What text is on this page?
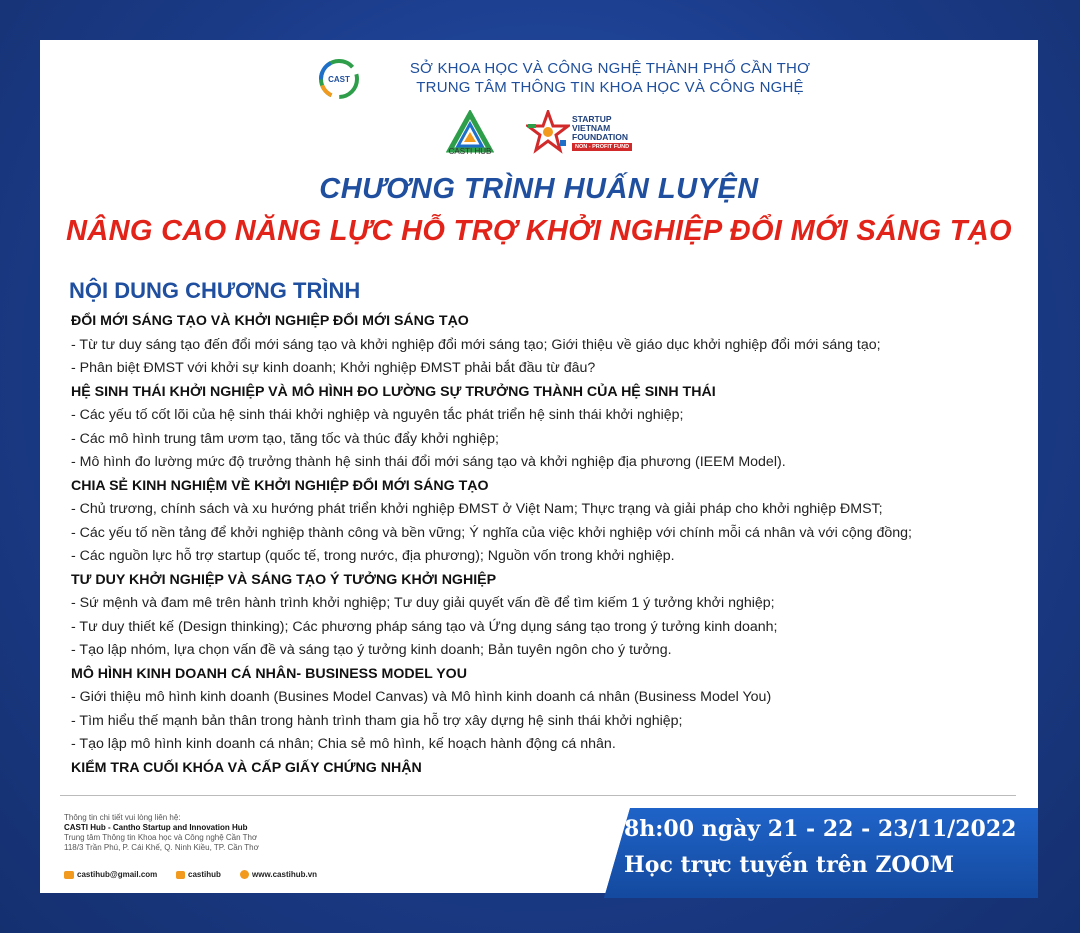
CAST
SỞ KHOA HỌC VÀ CÔNG NGHỆ THÀNH PHỐ CẦN THƠ
TRUNG TÂM THÔNG TIN KHOA HỌC VÀ CÔNG NGHỆ
CASTI HUB
STARTUP
VIETNAM
FOUNDATION
NON - PROFIT FUND
CHƯƠNG TRÌNH HUẤN LUYỆN
NÂNG CAO NĂNG LỰC HỖ TRỢ KHỞI NGHIỆP ĐỔI MỚI SÁNG TẠO
NỘI DUNG CHƯƠNG TRÌNH
ĐỔI MỚI SÁNG TẠO VÀ KHỞI NGHIỆP ĐỔI MỚI SÁNG TẠO
- Từ tư duy sáng tạo đến đổi mới sáng tạo và khởi nghiệp đổi mới sáng tạo; Giới thiệu về giáo dục khởi nghiệp đổi mới sáng tạo;
- Phân biệt ĐMST với khởi sự kinh doanh; Khởi nghiệp ĐMST phải bắt đầu từ đâu?
HỆ SINH THÁI KHỞI NGHIỆP VÀ MÔ HÌNH ĐO LƯỜNG SỰ TRƯỞNG THÀNH CỦA HỆ SINH THÁI
- Các yếu tố cốt lõi của hệ sinh thái khởi nghiệp và nguyên tắc phát triển hệ sinh thái khởi nghiệp;
- Các mô hình trung tâm ươm tạo, tăng tốc và thúc đẩy khởi nghiệp;
- Mô hình đo lường mức độ trưởng thành hệ sinh thái đổi mới sáng tạo và khởi nghiệp địa phương (IEEM Model).
CHIA SẺ KINH NGHIỆM VỀ KHỞI NGHIỆP ĐỔI MỚI SÁNG TẠO
- Chủ trương, chính sách và xu hướng phát triển khởi nghiệp ĐMST ở Việt Nam; Thực trạng và giải pháp cho khởi nghiệp ĐMST;
- Các yếu tố nền tảng để khởi nghiệp thành công và bền vững; Ý nghĩa của việc khởi nghiệp với chính mỗi cá nhân và với cộng đồng;
- Các nguồn lực hỗ trợ startup (quốc tế, trong nước, địa phương); Nguồn vốn trong khởi nghiệp.
TƯ DUY KHỞI NGHIỆP VÀ SÁNG TẠO Ý TƯỞNG KHỞI NGHIỆP
- Sứ mệnh và đam mê trên hành trình khởi nghiệp; Tư duy giải quyết vấn đề để tìm kiếm 1 ý tưởng khởi nghiệp;
- Tư duy thiết kế (Design thinking); Các phương pháp sáng tạo và Ứng dụng sáng tạo trong ý tưởng kinh doanh;
- Tạo lập nhóm, lựa chọn vấn đề và sáng tạo ý tưởng kinh doanh; Bản tuyên ngôn cho ý tưởng.
MÔ HÌNH KINH DOANH CÁ NHÂN- BUSINESS MODEL YOU
- Giới thiệu mô hình kinh doanh (Busines Model Canvas) và Mô hình kinh doanh cá nhân (Business Model You)
- Tìm hiểu thế mạnh bản thân trong hành trình tham gia hỗ trợ xây dựng hệ sinh thái khởi nghiệp;
- Tạo lập mô hình kinh doanh cá nhân; Chia sẻ mô hình, kế hoạch hành động cá nhân.
KIỂM TRA CUỐI KHÓA VÀ CẤP GIẤY CHỨNG NHẬN
Thông tin chi tiết vui lòng liên hệ:
CASTI Hub - Cantho Startup and Innovation Hub
Trung tâm Thông tin Khoa học và Công nghệ Cần Thơ
118/3 Trần Phú, P. Cái Khế, Q. Ninh Kiều, TP. Cần Thơ
castihub@gmail.com	castihub	www.castihub.vn
8h:00 ngày 21 - 22 - 23/11/2022
Học trực tuyến trên ZOOM
